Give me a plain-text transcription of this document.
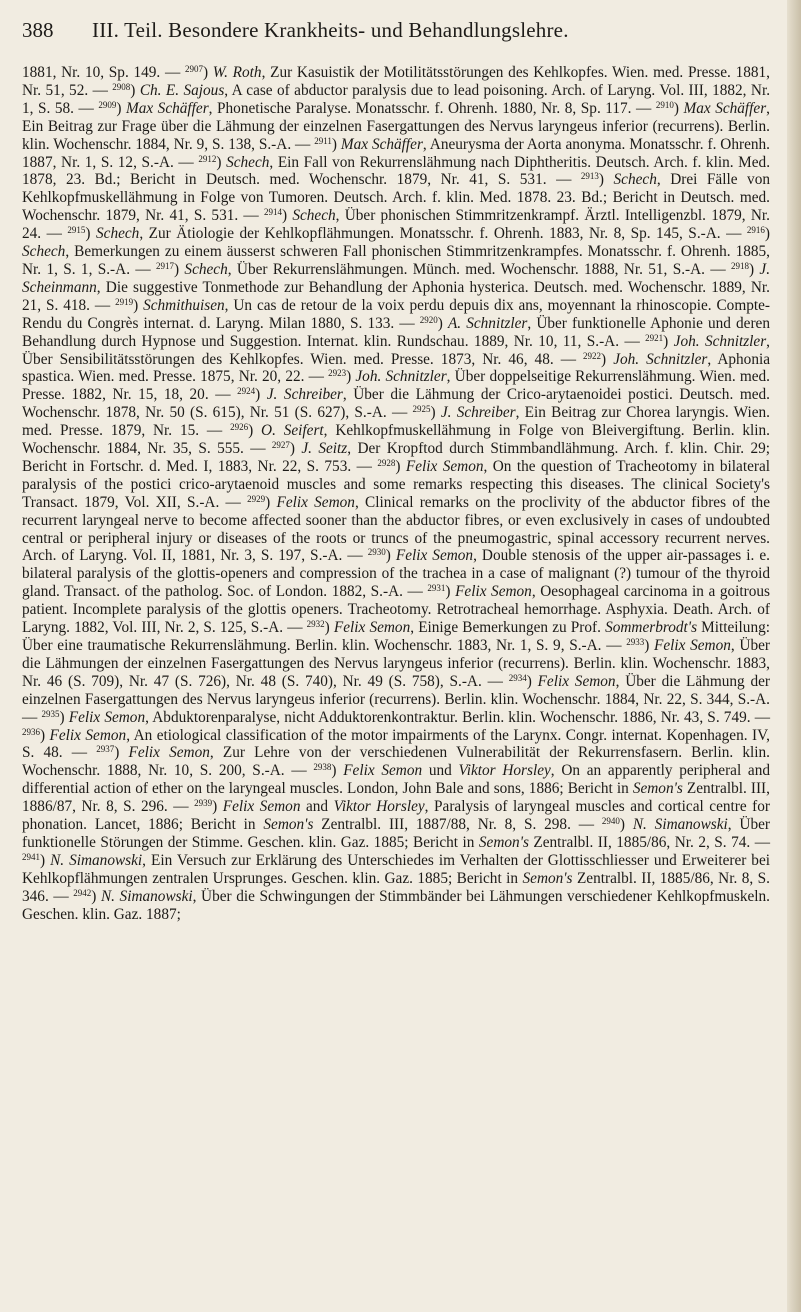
388 III. Teil. Besondere Krankheits- und Behandlungslehre.

1881, Nr. 10, Sp. 149. — $^{2907}$) W. Roth, Zur Kasuistik der Motilitätsstörungen des Kehlkopfes. Wien. med. Presse. 1881, Nr. 51, 52. — $^{2908}$) Ch. E. Sajous, A case of abductor paralysis due to lead poisoning. Arch. of Laryng. Vol. III, 1882, Nr. 1, S. 58. — $^{2909}$) Max Schäffer, Phonetische Paralyse. Monatsschr. f. Ohrenh. 1880, Nr. 8, Sp. 117. — $^{2910}$) Max Schäffer, Ein Beitrag zur Frage über die Lähmung der einzelnen Fasergattungen des Nervus laryngeus inferior (recurrens). Berlin. klin. Wochenschr. 1884, Nr. 9, S. 138, S.-A. — $^{2911}$) Max Schäffer, Aneurysma der Aorta anonyma. Monatsschr. f. Ohrenh. 1887, Nr. 1, S. 12, S.-A. — $^{2912}$) Schech, Ein Fall von Rekurrenslähmung nach Diphtheritis. Deutsch. Arch. f. klin. Med. 1878, 23. Bd.; Bericht in Deutsch. med. Wochenschr. 1879, Nr. 41, S. 531. — $^{2913}$) Schech, Drei Fälle von Kehlkopfmuskellähmung in Folge von Tumoren. Deutsch. Arch. f. klin. Med. 1878. 23. Bd.; Bericht in Deutsch. med. Wochenschr. 1879, Nr. 41, S. 531. — $^{2914}$) Schech, Über phonischen Stimmritzenkrampf. Ärztl. Intelligenzbl. 1879, Nr. 24. — $^{2915}$) Schech, Zur Ätiologie der Kehlkopflähmungen. Monatsschr. f. Ohrenh. 1883, Nr. 8, Sp. 145, S.-A. — $^{2916}$) Schech, Bemerkungen zu einem äusserst schweren Fall phonischen Stimmritzenkrampfes. Monatsschr. f. Ohrenh. 1885, Nr. 1, S. 1, S.-A. — $^{2917}$) Schech, Über Rekurrenslähmungen. Münch. med. Wochenschr. 1888, Nr. 51, S.-A. — $^{2918}$) J. Scheinmann, Die suggestive Tonmethode zur Behandlung der Aphonia hysterica. Deutsch. med. Wochenschr. 1889, Nr. 21, S. 418. — $^{2919}$) Schmithuisen, Un cas de retour de la voix perdu depuis dix ans, moyennant la rhinoscopie. Compte-Rendu du Congrès internat. d. Laryng. Milan 1880, S. 133. — $^{2920}$) A. Schnitzler, Über funktionelle Aphonie und deren Behandlung durch Hypnose und Suggestion. Internat. klin. Rundschau. 1889, Nr. 10, 11, S.-A. — $^{2921}$) Joh. Schnitzler, Über Sensibilitätsstörungen des Kehlkopfes. Wien. med. Presse. 1873, Nr. 46, 48. — $^{2922}$) Joh. Schnitzler, Aphonia spastica. Wien. med. Presse. 1875, Nr. 20, 22. — $^{2923}$) Joh. Schnitzler, Über doppelseitige Rekurrenslähmung. Wien. med. Presse. 1882, Nr. 15, 18, 20. — $^{2924}$) J. Schreiber, Über die Lähmung der Crico-arytaenoidei postici. Deutsch. med. Wochenschr. 1878, Nr. 50 (S. 615), Nr. 51 (S. 627), S.-A. — $^{2925}$) J. Schreiber, Ein Beitrag zur Chorea laryngis. Wien. med. Presse. 1879, Nr. 15. — $^{2926}$) O. Seifert, Kehlkopfmuskellähmung in Folge von Bleivergiftung. Berlin. klin. Wochenschr. 1884, Nr. 35, S. 555. — $^{2927}$) J. Seitz, Der Kropftod durch Stimmbandlähmung. Arch. f. klin. Chir. 29; Bericht in Fortschr. d. Med. I, 1883, Nr. 22, S. 753. — $^{2928}$) Felix Semon, On the question of Tracheotomy in bilateral paralysis of the postici crico-arytaenoid muscles and some remarks respecting this diseases. The clinical Society's Transact. 1879, Vol. XII, S.-A. — $^{2929}$) Felix Semon, Clinical remarks on the proclivity of the abductor fibres of the recurrent laryngeal nerve to become affected sooner than the abductor fibres, or even exclusively in cases of undoubted central or peripheral injury or diseases of the roots or truncs of the pneumogastric, spinal accessory recurrent nerves. Arch. of Laryng. Vol. II, 1881, Nr. 3, S. 197, S.-A. — $^{2930}$) Felix Semon, Double stenosis of the upper air-passages i. e. bilateral paralysis of the glottis-openers and compression of the trachea in a case of malignant (?) tumour of the thyroid gland. Transact. of the patholog. Soc. of London. 1882, S.-A. — $^{2931}$) Felix Semon, Oesophageal carcinoma in a goitrous patient. Incomplete paralysis of the glottis openers. Tracheotomy. Retrotracheal hemorrhage. Asphyxia. Death. Arch. of Laryng. 1882, Vol. III, Nr. 2, S. 125, S.-A. — $^{2932}$) Felix Semon, Einige Bemerkungen zu Prof. Sommerbrodt's Mitteilung: Über eine traumatische Rekurrenslähmung. Berlin. klin. Wochenschr. 1883, Nr. 1, S. 9, S.-A. — $^{2933}$) Felix Semon, Über die Lähmungen der einzelnen Fasergattungen des Nervus laryngeus inferior (recurrens). Berlin. klin. Wochenschr. 1883, Nr. 46 (S. 709), Nr. 47 (S. 726), Nr. 48 (S. 740), Nr. 49 (S. 758), S.-A. — $^{2934}$) Felix Semon, Über die Lähmung der einzelnen Fasergattungen des Nervus laryngeus inferior (recurrens). Berlin. klin. Wochenschr. 1884, Nr. 22, S. 344, S.-A. — $^{2935}$) Felix Semon, Abduktorenparalyse, nicht Adduktorenkontraktur. Berlin. klin. Wochenschr. 1886, Nr. 43, S. 749. — $^{2936}$) Felix Semon, An etiological classification of the motor impairments of the Larynx. Congr. internat. Kopenhagen. IV, S. 48. — $^{2937}$) Felix Semon, Zur Lehre von der verschiedenen Vulnerabilität der Rekurrensfasern. Berlin. klin. Wochenschr. 1888, Nr. 10, S. 200, S.-A. — $^{2938}$) Felix Semon und Viktor Horsley, On an apparently peripheral and differential action of ether on the laryngeal muscles. London, John Bale and sons, 1886; Bericht in Semon's Zentralbl. III, 1886/87, Nr. 8, S. 296. — $^{2939}$) Felix Semon and Viktor Horsley, Paralysis of laryngeal muscles and cortical centre for phonation. Lancet, 1886; Bericht in Semon's Zentralbl. III, 1887/88, Nr. 8, S. 298. — $^{2940}$) N. Simanowski, Über funktionelle Störungen der Stimme. Geschen. klin. Gaz. 1885; Bericht in Semon's Zentralbl. II, 1885/86, Nr. 2, S. 74. — $^{2941}$) N. Simanowski, Ein Versuch zur Erklärung des Unterschiedes im Verhalten der Glottisschliesser und Erweiterer bei Kehlkopflähmungen zentralen Ursprunges. Geschen. klin. Gaz. 1885; Bericht in Semon's Zentralbl. II, 1885/86, Nr. 8, S. 346. — $^{2942}$) N. Simanowski, Über die Schwingungen der Stimmbänder bei Lähmungen verschiedener Kehlkopfmuskeln. Geschen. klin. Gaz. 1887;
